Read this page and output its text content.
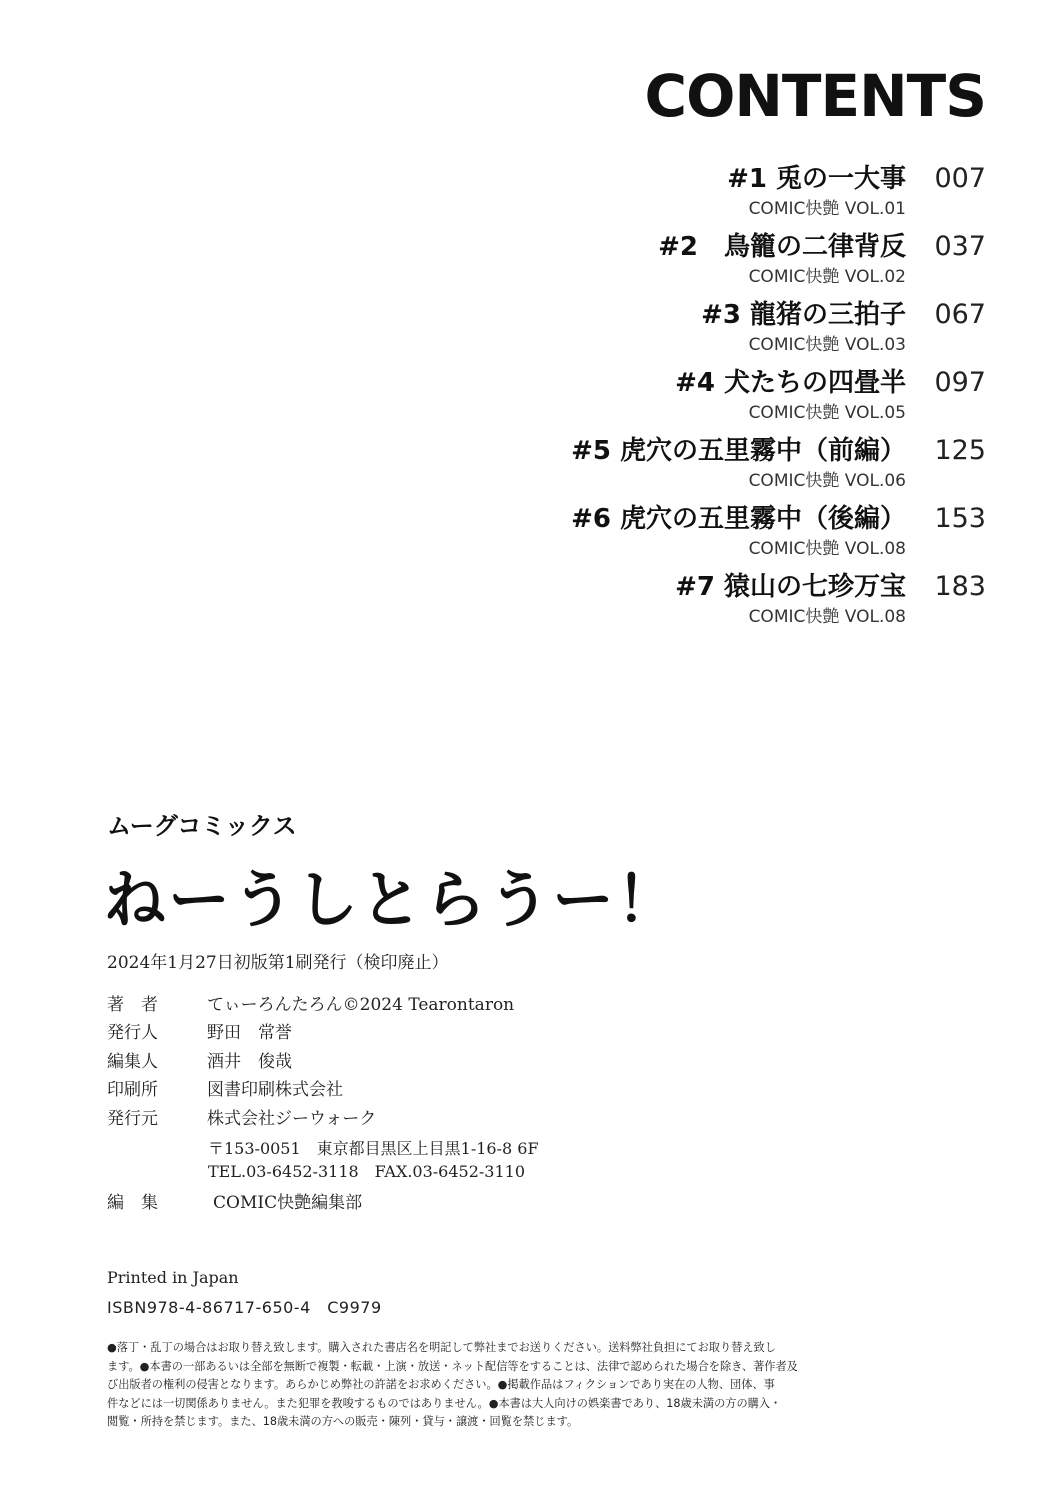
CONTENTS
#1 兎の一大事	007
COMIC快艶 VOL.01
#2　鳥籠の二律背反	037
COMIC快艶 VOL.02
#3 龍猪の三拍子	067
COMIC快艶 VOL.03
#4 犬たちの四畳半	097
COMIC快艶 VOL.05
#5 虎穴の五里霧中（前編）	125
COMIC快艶 VOL.06
#6 虎穴の五里霧中（後編）	153
COMIC快艶 VOL.08
#7 猿山の七珍万宝	183
COMIC快艶 VOL.08
ムーグコミックス
ねーうしとらうー！
2024年1月27日初版第1刷発行（検印廃止）
著者	てぃーろんたろん©2024 Tearontaron
発行人	野田　常誉
編集人	酒井　俊哉
印刷所	図書印刷株式会社
発行元	株式会社ジーウォーク
〒153-0051　東京都目黒区上目黒1-16-8 6F
TEL.03-6452-3118　FAX.03-6452-3110
編集	COMIC快艶編集部
Printed in Japan
ISBN978-4-86717-650-4　C9979
●落丁・乱丁の場合はお取り替え致します。購入された書店名を明記して弊社までお送りください。送料弊社負担にてお取り替え致し
ます。●本書の一部あるいは全部を無断で複製・転載・上演・放送・ネット配信等をすることは、法律で認められた場合を除き、著作者及
び出版者の権利の侵害となります。あらかじめ弊社の許諾をお求めください。●掲載作品はフィクションであり実在の人物、団体、事
件などには一切関係ありません。また犯罪を教唆するものではありません。●本書は大人向けの娯楽書であり、18歳未満の方の購入・
閲覧・所持を禁じます。また、18歳未満の方への販売・陳列・貸与・譲渡・回覧を禁じます。
